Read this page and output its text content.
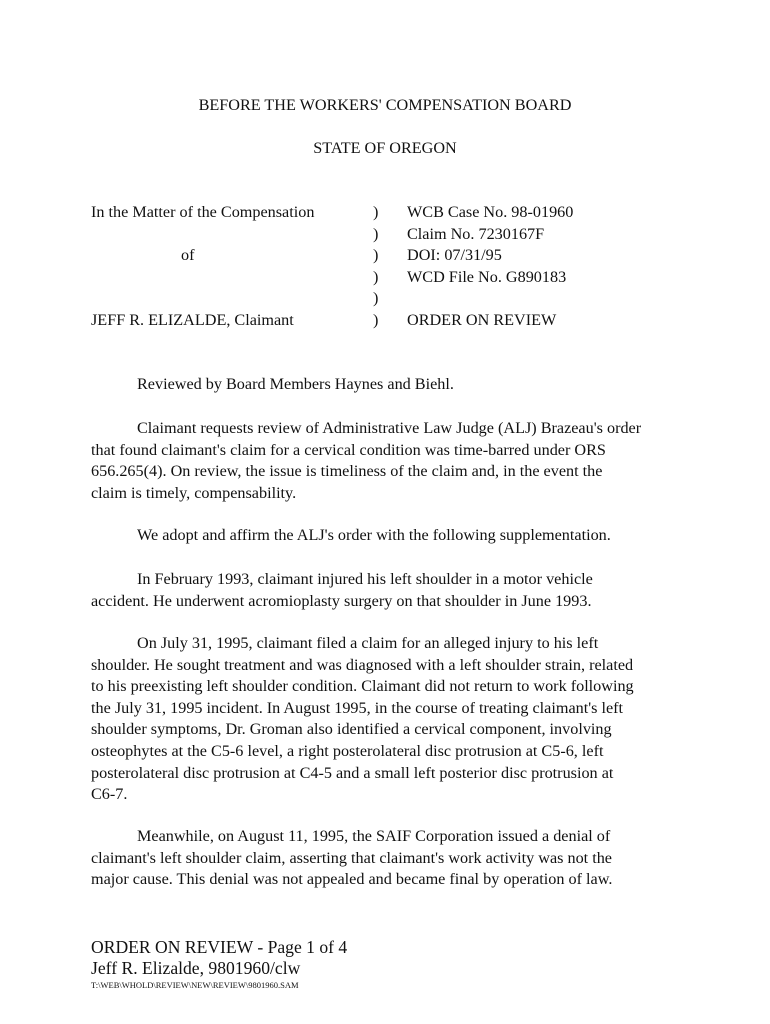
BEFORE THE WORKERS' COMPENSATION BOARD
STATE OF OREGON
In the Matter of the Compensation
of
JEFF R. ELIZALDE, Claimant
)
)
)
)
)
)
WCB Case No. 98-01960
Claim No. 7230167F
DOI: 07/31/95
WCD File No. G890183
ORDER ON REVIEW
Reviewed by Board Members Haynes and Biehl.
Claimant requests review of Administrative Law Judge (ALJ) Brazeau's order
that found claimant's claim for a cervical condition was time-barred under ORS
656.265(4). On review, the issue is timeliness of the claim and, in the event the
claim is timely, compensability.
We adopt and affirm the ALJ's order with the following supplementation.
In February 1993, claimant injured his left shoulder in a motor vehicle
accident. He underwent acromioplasty surgery on that shoulder in June 1993.
On July 31, 1995, claimant filed a claim for an alleged injury to his left
shoulder. He sought treatment and was diagnosed with a left shoulder strain, related
to his preexisting left shoulder condition. Claimant did not return to work following
the July 31, 1995 incident. In August 1995, in the course of treating claimant's left
shoulder symptoms, Dr. Groman also identified a cervical component, involving
osteophytes at the C5-6 level, a right posterolateral disc protrusion at C5-6, left
posterolateral disc protrusion at C4-5 and a small left posterior disc protrusion at
C6-7.
Meanwhile, on August 11, 1995, the SAIF Corporation issued a denial of
claimant's left shoulder claim, asserting that claimant's work activity was not the
major cause. This denial was not appealed and became final by operation of law.
ORDER ON REVIEW - Page 1 of 4
Jeff R. Elizalde, 9801960/clw
T:\WEB\WHOLD\REVIEW\NEW\REVIEW\9801960.SAM
